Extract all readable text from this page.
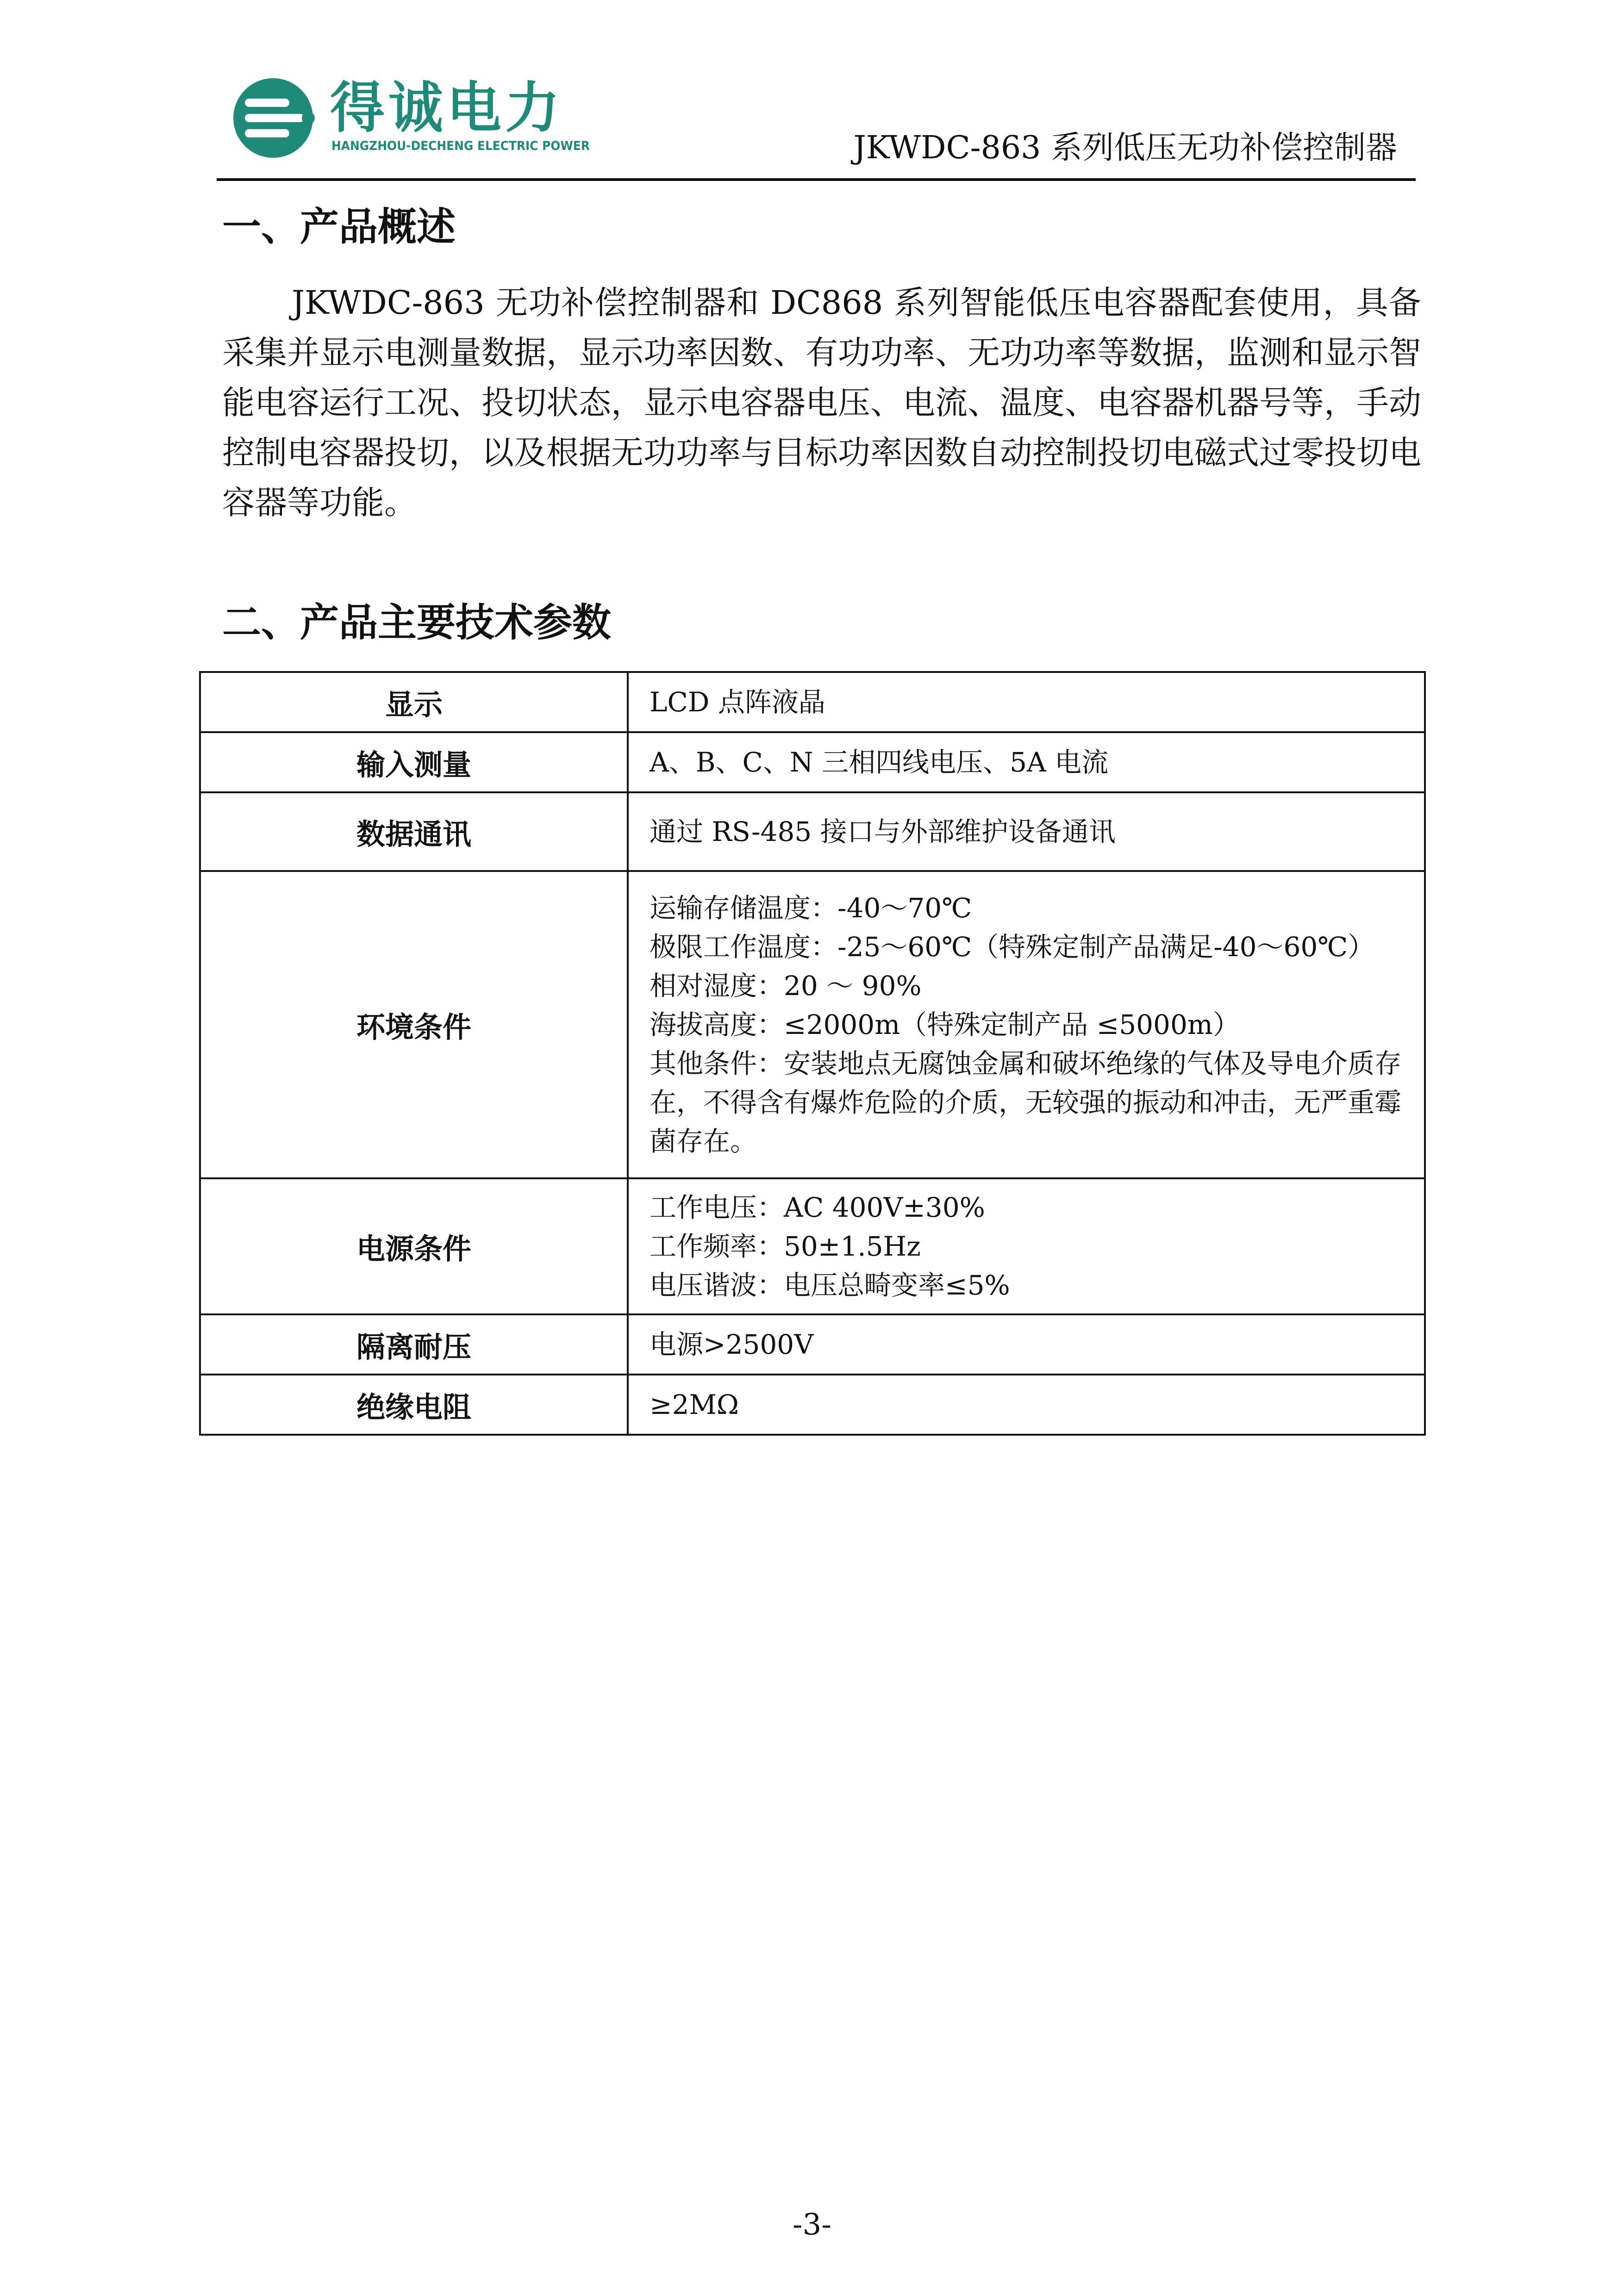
得诚电力
HANGZHOU-DECHENG ELECTRIC POWER	JKWDC-863 系列低压无功补偿控制器
一、产品概述
JKWDC-863 无功补偿控制器和 DC868 系列智能低压电容器配套使用，具备采集并显示电测量数据，显示功率因数、有功功率、无功功率等数据，监测和显示智能电容运行工况、投切状态，显示电容器电压、电流、温度、电容器机器号等，手动控制电容器投切，以及根据无功功率与目标功率因数自动控制投切电磁式过零投切电容器等功能。
二、产品主要技术参数
显示	LCD 点阵液晶

输入测量	A、B、C、N 三相四线电压、5A 电流

数据通讯	通过 RS-485 接口与外部维护设备通讯

环境条件	运输存储温度：-40～70℃
极限工作温度：-25～60℃（特殊定制产品满足-40～60℃）
相对湿度：20 ～ 90%
海拔高度：≤2000m（特殊定制产品 ≤5000m）
其他条件：安装地点无腐蚀金属和破坏绝缘的气体及导电介质存在，不得含有爆炸危险的介质，无较强的振动和冲击，无严重霉菌存在。

电源条件	工作电压：AC 400V±30%
工作频率：50±1.5Hz
电压谐波：电压总畸变率≤5%

隔离耐压	电源>2500V

绝缘电阻	≥2MΩ
-3-
